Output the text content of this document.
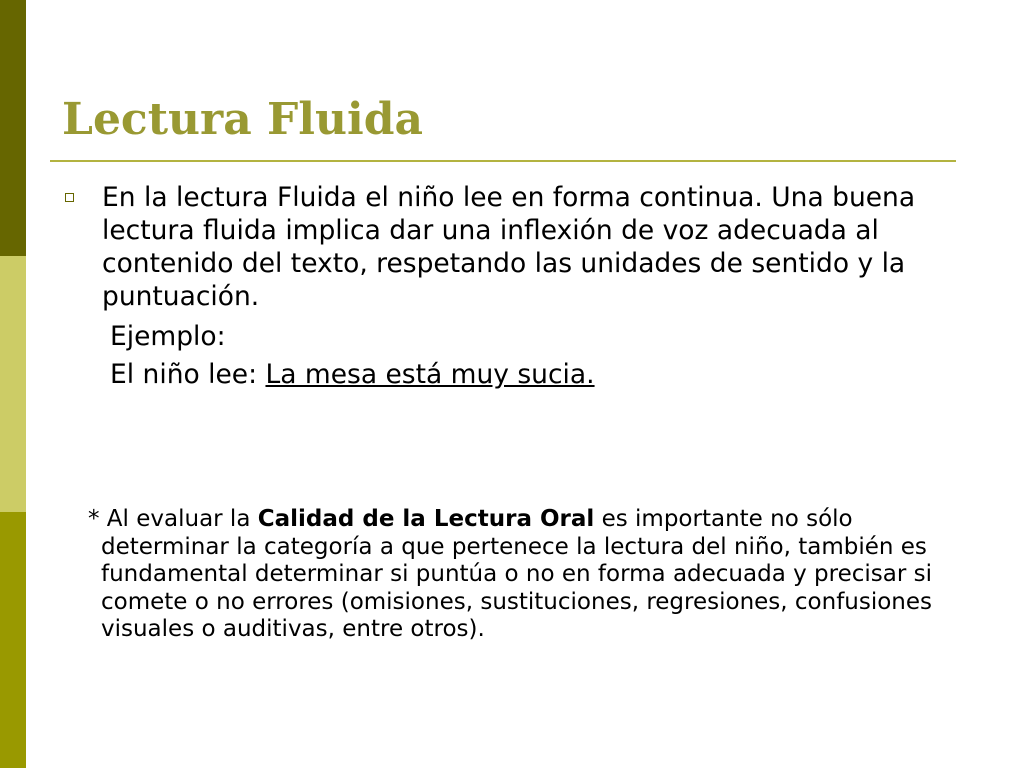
Lectura Fluida

En la lectura Fluida el niño lee en forma continua. Una buena lectura fluida implica dar una inflexión de voz adecuada al contenido del texto, respetando las unidades de sentido y la puntuación.

Ejemplo:
El niño lee: La mesa está muy sucia.

* Al evaluar la Calidad de la Lectura Oral es importante no sólo determinar la categoría a que pertenece la lectura del niño, también es fundamental determinar si puntúa o no en forma adecuada y precisar si comete o no errores (omisiones, sustituciones, regresiones, confusiones visuales o auditivas, entre otros).
